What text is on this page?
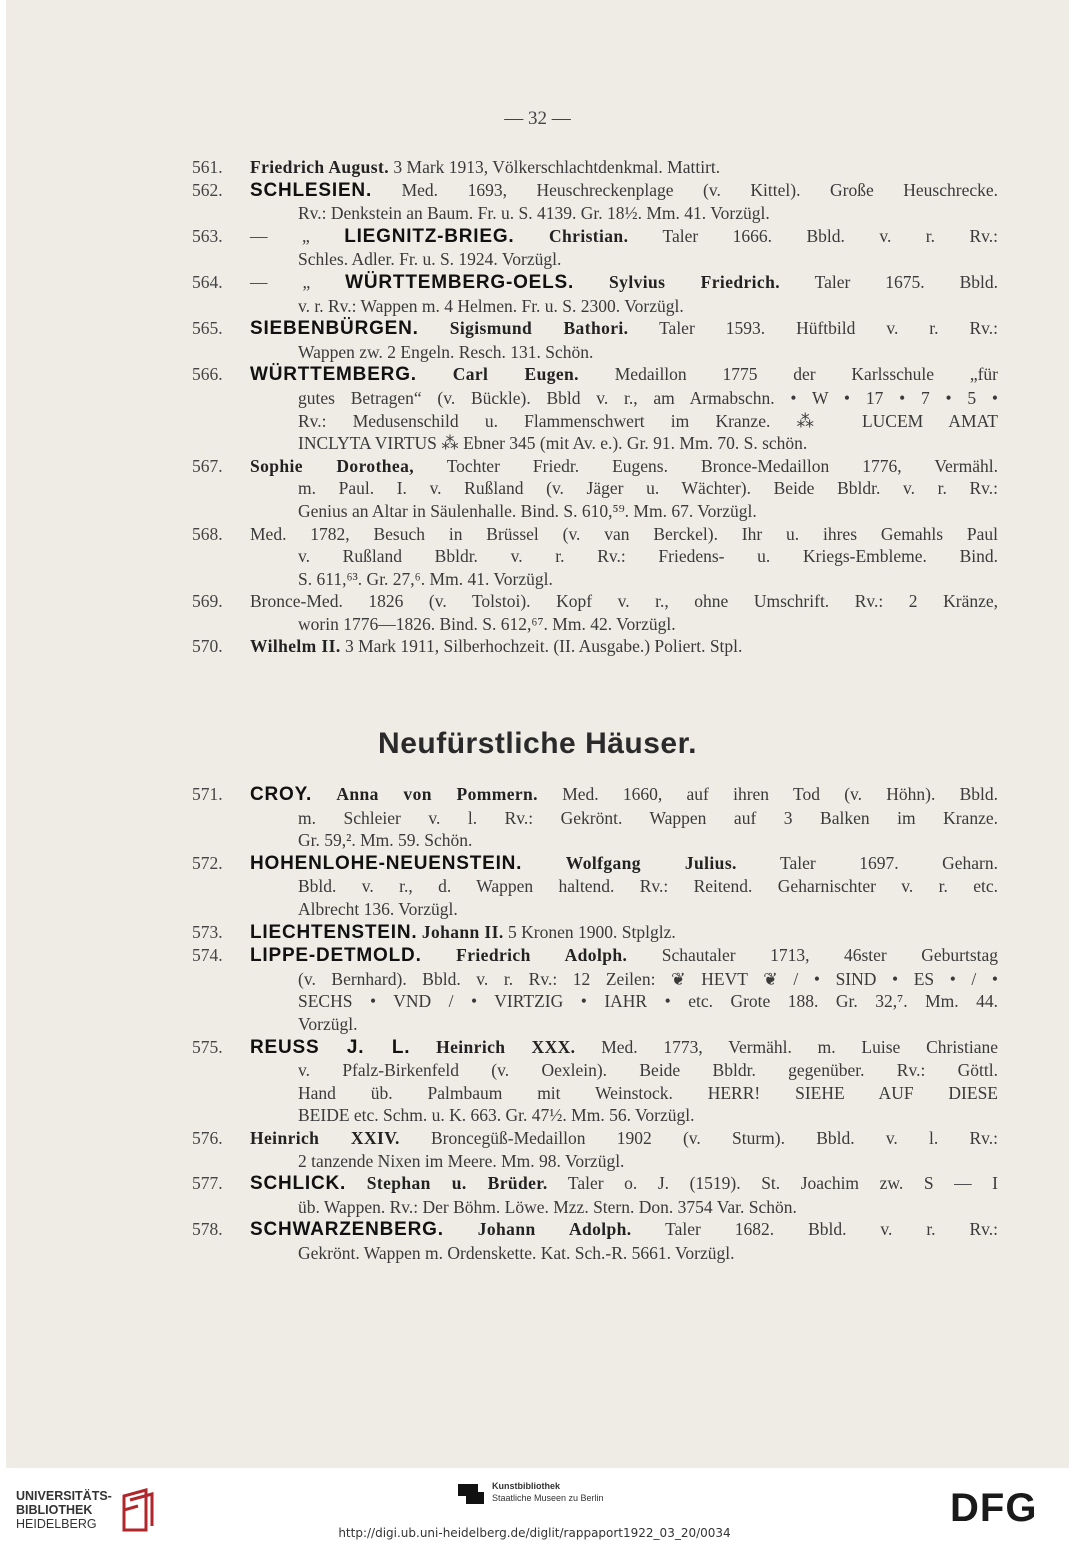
— 32 —
561.	Friedrich August. 3 Mark 1913, Völkerschlachtdenkmal. Mattirt.
562.	SCHLESIEN. Med. 1693, Heuschreckenplage (v. Kittel). Große Heuschrecke.
Rv.: Denkstein an Baum. Fr. u. S. 4139. Gr. 18½. Mm. 41. Vorzügl.
563.	— „ LIEGNITZ-BRIEG. Christian. Taler 1666. Bbld. v. r. Rv.:
Schles. Adler. Fr. u. S. 1924. Vorzügl.
564.	— „ WÜRTTEMBERG-OELS. Sylvius Friedrich. Taler 1675. Bbld.
v. r. Rv.: Wappen m. 4 Helmen. Fr. u. S. 2300. Vorzügl.
565.	SIEBENBÜRGEN. Sigismund Bathori. Taler 1593. Hüftbild v. r. Rv.:
Wappen zw. 2 Engeln. Resch. 131. Schön.
566.	WÜRTTEMBERG. Carl Eugen. Medaillon 1775 der Karlsschule „für
gutes Betragen“ (v. Bückle). Bbld v. r., am Armabschn. • W • 17 • 7 • 5 •
Rv.: Medusenschild u. Flammenschwert im Kranze. ⁂ LUCEM AMAT
INCLYTA VIRTUS ⁂ Ebner 345 (mit Av. e.). Gr. 91. Mm. 70. S. schön.
567.	Sophie Dorothea, Tochter Friedr. Eugens. Bronce-Medaillon 1776, Vermähl.
m. Paul. I. v. Rußland (v. Jäger u. Wächter). Beide Bbldr. v. r. Rv.:
Genius an Altar in Säulenhalle. Bind. S. 610,⁵⁹. Mm. 67. Vorzügl.
568.	Med. 1782, Besuch in Brüssel (v. van Berckel). Ihr u. ihres Gemahls Paul
v. Rußland Bbldr. v. r. Rv.: Friedens- u. Kriegs-Embleme. Bind.
S. 611,⁶³. Gr. 27,⁶. Mm. 41. Vorzügl.
569.	Bronce-Med. 1826 (v. Tolstoi). Kopf v. r., ohne Umschrift. Rv.: 2 Kränze,
worin 1776—1826. Bind. S. 612,⁶⁷. Mm. 42. Vorzügl.
570.	Wilhelm II. 3 Mark 1911, Silberhochzeit. (II. Ausgabe.) Poliert. Stpl.
Neufürstliche Häuser.
571.	CROY. Anna von Pommern. Med. 1660, auf ihren Tod (v. Höhn). Bbld.
m. Schleier v. l. Rv.: Gekrönt. Wappen auf 3 Balken im Kranze.
Gr. 59,². Mm. 59. Schön.
572.	HOHENLOHE-NEUENSTEIN. Wolfgang Julius. Taler 1697. Geharn.
Bbld. v. r., d. Wappen haltend. Rv.: Reitend. Geharnischter v. r. etc.
Albrecht 136. Vorzügl.
573.	LIECHTENSTEIN. Johann II. 5 Kronen 1900. Stplglz.
574.	LIPPE-DETMOLD. Friedrich Adolph. Schautaler 1713, 46ster Geburtstag
(v. Bernhard). Bbld. v. r. Rv.: 12 Zeilen: ❦ HEVT ❦ / • SIND • ES • / •
SECHS • VND / • VIRTZIG • IAHR • etc. Grote 188. Gr. 32,⁷. Mm. 44.
Vorzügl.
575.	REUSS J. L. Heinrich XXX. Med. 1773, Vermähl. m. Luise Christiane
v. Pfalz-Birkenfeld (v. Oexlein). Beide Bbldr. gegenüber. Rv.: Göttl.
Hand üb. Palmbaum mit Weinstock. HERR! SIEHE AUF DIESE
BEIDE etc. Schm. u. K. 663. Gr. 47½. Mm. 56. Vorzügl.
576.	Heinrich XXIV. Broncegüß-Medaillon 1902 (v. Sturm). Bbld. v. l. Rv.:
2 tanzende Nixen im Meere. Mm. 98. Vorzügl.
577.	SCHLICK. Stephan u. Brüder. Taler o. J. (1519). St. Joachim zw. S — I
üb. Wappen. Rv.: Der Böhm. Löwe. Mzz. Stern. Don. 3754 Var. Schön.
578.	SCHWARZENBERG. Johann Adolph. Taler 1682. Bbld. v. r. Rv.:
Gekrönt. Wappen m. Ordenskette. Kat. Sch.-R. 5661. Vorzügl.
UNIVERSITÄTS-
BIBLIOTHEK
HEIDELBERG
Kunstbibliothek
Staatliche Museen zu Berlin	DFG
http://digi.ub.uni-heidelberg.de/diglit/rappaport1922_03_20/0034
